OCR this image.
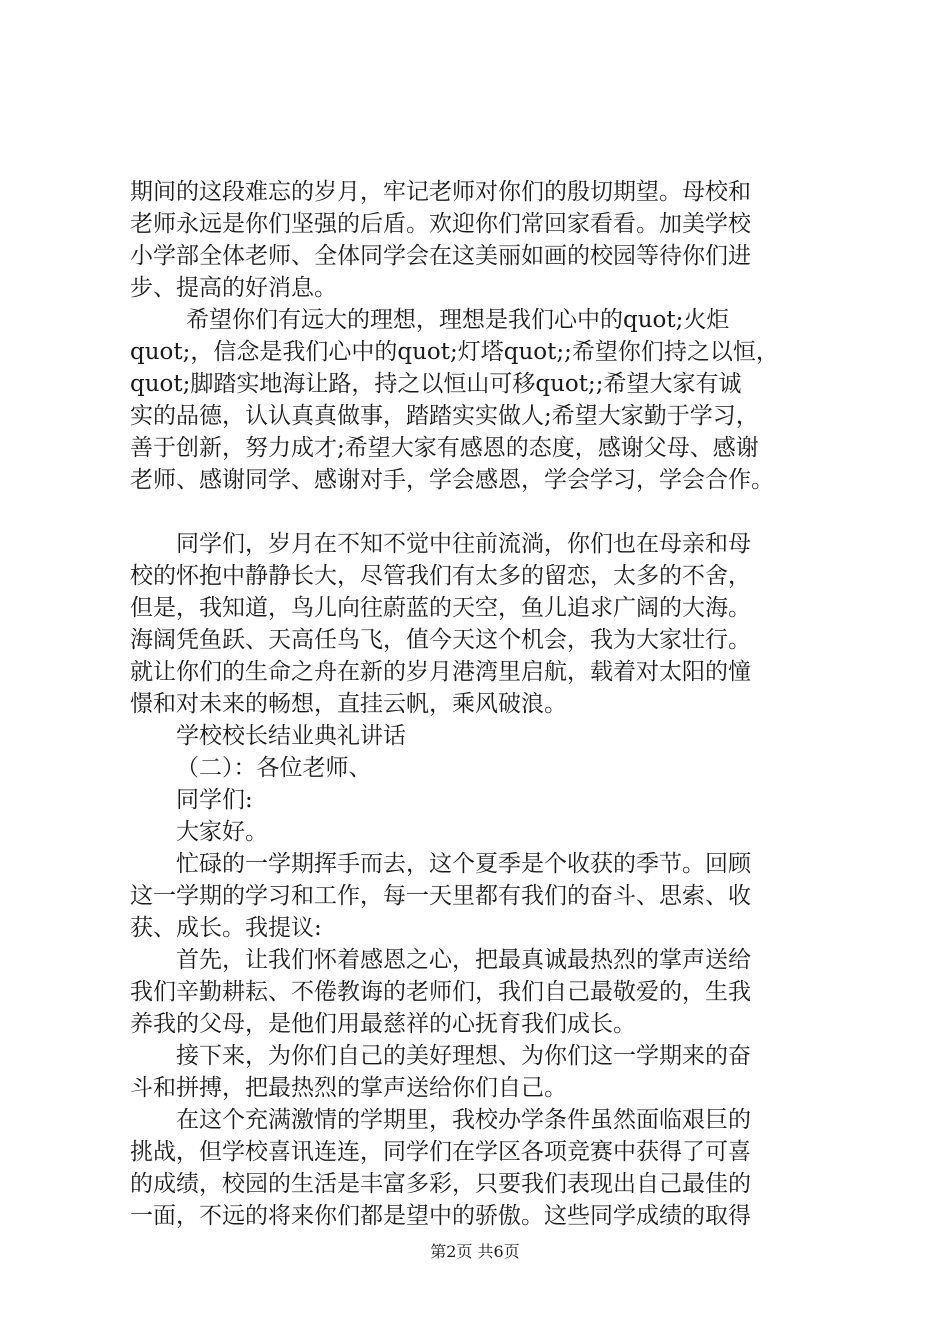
期间的这段难忘的岁月，牢记老师对你们的殷切期望。母校和
老师永远是你们坚强的后盾。欢迎你们常回家看看。加美学校
小学部全体老师、全体同学会在这美丽如画的校园等待你们进
步、提高的好消息。
希望你们有远大的理想，理想是我们心中的quot;火炬
quot;，信念是我们心中的quot;灯塔quot;;希望你们持之以恒，
quot;脚踏实地海让路，持之以恒山可移quot;;希望大家有诚
实的品德，认认真真做事，踏踏实实做人;希望大家勤于学习，
善于创新，努力成才;希望大家有感恩的态度，感谢父母、感谢
老师、感谢同学、感谢对手，学会感恩，学会学习，学会合作。
同学们，岁月在不知不觉中往前流淌，你们也在母亲和母
校的怀抱中静静长大，尽管我们有太多的留恋，太多的不舍，
但是，我知道，鸟儿向往蔚蓝的天空，鱼儿追求广阔的大海。
海阔凭鱼跃、天高任鸟飞，值今天这个机会，我为大家壮行。
就让你们的生命之舟在新的岁月港湾里启航，载着对太阳的憧
憬和对未来的畅想，直挂云帆，乘风破浪。
学校校长结业典礼讲话
（二）：各位老师、
同学们:
大家好。
忙碌的一学期挥手而去，这个夏季是个收获的季节。回顾
这一学期的学习和工作，每一天里都有我们的奋斗、思索、收
获、成长。我提议:
首先，让我们怀着感恩之心，把最真诚最热烈的掌声送给
我们辛勤耕耘、不倦教诲的老师们，我们自己最敬爱的，生我
养我的父母，是他们用最慈祥的心抚育我们成长。
接下来，为你们自己的美好理想、为你们这一学期来的奋
斗和拼搏，把最热烈的掌声送给你们自己。
在这个充满激情的学期里，我校办学条件虽然面临艰巨的
挑战，但学校喜讯连连，同学们在学区各项竞赛中获得了可喜
的成绩，校园的生活是丰富多彩，只要我们表现出自己最佳的
一面，不远的将来你们都是望中的骄傲。这些同学成绩的取得
第2页 共6页
